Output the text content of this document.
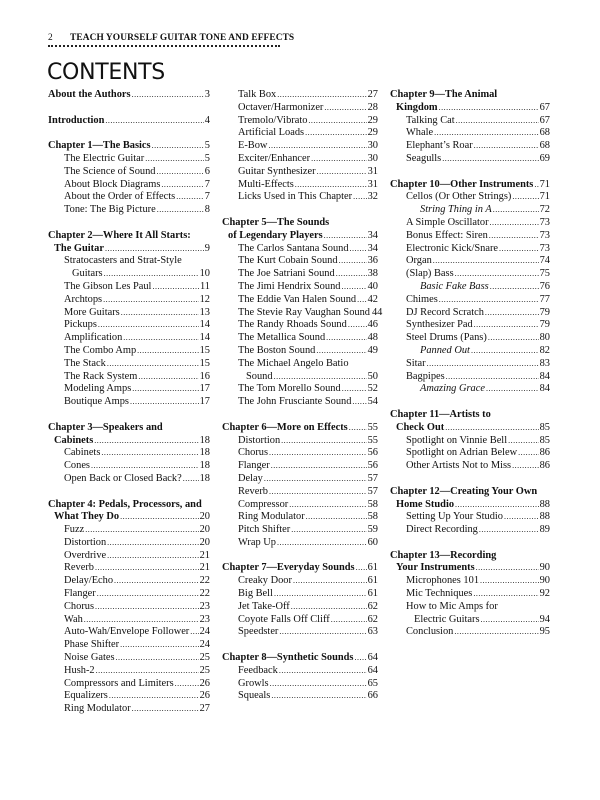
2 TEACH YOURSELF GUITAR TONE AND EFFECTS
CONTENTS
About the Authors .....	3
Introduction .....	4
Chapter 1—The Basics .....	5
The Electric Guitar .....	5
The Science of Sound .....	6
About Block Diagrams .....	7
About the Order of Effects .....	7
Tone: The Big Picture .....	8
Chapter 2—Where It All Starts:
The Guitar .....	9
Stratocasters and Strat-Style
Guitars .....	10
The Gibson Les Paul .....	11
Archtops .....	12
More Guitars .....	13
Pickups .....	14
Amplification .....	14
The Combo Amp .....	15
The Stack .....	15
The Rack System .....	16
Modeling Amps .....	17
Boutique Amps .....	17
Chapter 3—Speakers and
Cabinets .....	18
Cabinets .....	18
Cones .....	18
Open Back or Closed Back? ..... 18
Chapter 4: Pedals, Processors, and
What They Do .....	20
Fuzz .....	20
Distortion .....	20
Overdrive .....	21
Reverb .....	21
Delay/Echo .....	22
Flanger .....	22
Chorus .....	23
Wah .....	23
Auto-Wah/Envelope Follower ..... 24
Phase Shifter .....	24
Noise Gates .....	25
Hush-2 .....	25
Compressors and Limiters ..... 26
Equalizers .....	26
Ring Modulator .....	27
Talk Box .....	27
Octaver/Harmonizer .....	28
Tremolo/Vibrato .....	29
Artificial Loads .....	29
E-Bow .....	30
Exciter/Enhancer .....	30
Guitar Synthesizer .....	31
Multi-Effects .....	31
Licks Used in This Chapter ..... 32
Chapter 5—The Sounds
of Legendary Players .....	34
The Carlos Santana Sound ..... 34
The Kurt Cobain Sound .....	36
The Joe Satriani Sound .....	38
The Jimi Hendrix Sound .....	40
The Eddie Van Halen Sound ..... 42
The Stevie Ray Vaughan Sound 44
The Randy Rhoads Sound ..... 46
The Metallica Sound .....	48
The Boston Sound .....	49
The Michael Angelo Batio
Sound .....	50
The Tom Morello Sound .....	52
The John Frusciante Sound ..... 54
Chapter 6—More on Effects ..... 55
Distortion .....	55
Chorus .....	56
Flanger .....	56
Delay .....	57
Reverb .....	57
Compressor .....	58
Ring Modulator .....	58
Pitch Shifter .....	59
Wrap Up .....	60
Chapter 7—Everyday Sounds ..... 61
Creaky Door .....	61
Big Bell .....	61
Jet Take-Off .....	62
Coyote Falls Off Cliff .....	62
Speedster .....	63
Chapter 8—Synthetic Sounds ..... 64
Feedback .....	64
Growls .....	65
Squeals .....	66
Chapter 9—The Animal
Kingdom .....	67
Talking Cat .....	67
Whale .....	68
Elephant’s Roar .....	68
Seagulls .....	69
Chapter 10—Other Instruments ..... 71
Cellos (Or Other Strings) .....	71
String Thing in A .....	72
A Simple Oscillator .....	73
Bonus Effect: Siren .....	73
Electronic Kick/Snare .....	73
Organ .....	74
(Slap) Bass .....	75
Basic Fake Bass .....	76
Chimes .....	77
DJ Record Scratch .....	79
Synthesizer Pad .....	79
Steel Drums (Pans) .....	80
Panned Out .....	82
Sitar .....	83
Bagpipes .....	84
Amazing Grace .....	84
Chapter 11—Artists to
Check Out .....	85
Spotlight on Vinnie Bell .....	85
Spotlight on Adrian Belew ..... 86
Other Artists Not to Miss .....	86
Chapter 12—Creating Your Own
Home Studio .....	88
Setting Up Your Studio .....	88
Direct Recording .....	89
Chapter 13—Recording
Your Instruments .....	90
Microphones 101 .....	90
Mic Techniques .....	92
How to Mic Amps for
Electric Guitars .....	94
Conclusion .....	95
